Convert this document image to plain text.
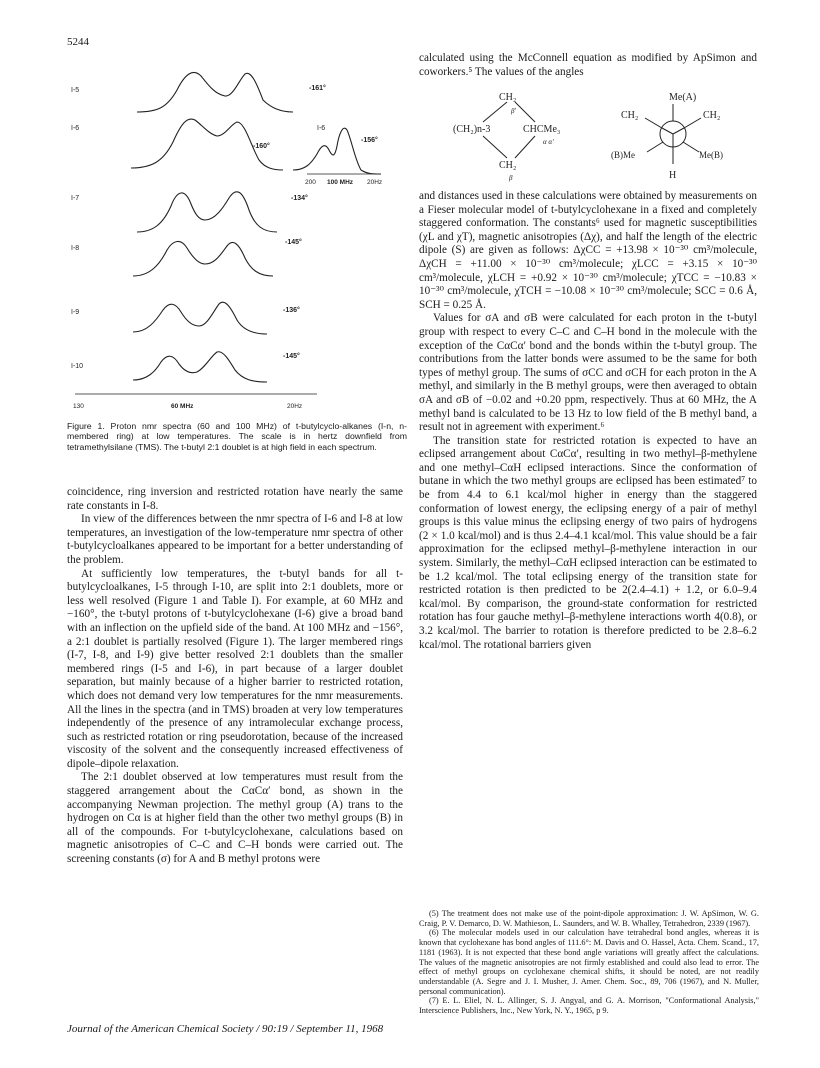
5244
I-5
I-6
I-7
I-8
I-9
I-10
I-6
-161°
-160°
-156°
-134°
-145°
-136°
-145°
200 100 MHz 20Hz
130	60 MHz	20Hz
Figure 1. Proton nmr spectra (60 and 100 MHz) of t-butylcyclo-alkanes (I-n, n-membered ring) at low temperatures. The scale is in hertz downfield from tetramethylsilane (TMS). The t-butyl 2:1 doublet is at high field in each spectrum.

coincidence, ring inversion and restricted rotation have nearly the same rate constants in I-8.

In view of the differences between the nmr spectra of I-6 and I-8 at low temperatures, an investigation of the low-temperature nmr spectra of other t-butylcycloalkanes appeared to be important for a better understanding of the problem.

At sufficiently low temperatures, the t-butyl bands for all t-butylcycloalkanes, I-5 through I-10, are split into 2:1 doublets, more or less well resolved (Figure 1 and Table I). For example, at 60 MHz and −160°, the t-butyl protons of t-butylcyclohexane (I-6) give a broad band with an inflection on the upfield side of the band. At 100 MHz and −156°, a 2:1 doublet is partially resolved (Figure 1). The larger membered rings (I-7, I-8, and I-9) give better resolved 2:1 doublets than the smaller membered rings (I-5 and I-6), in part because of a larger doublet separation, but mainly because of a higher barrier to restricted rotation, which does not demand very low temperatures for the nmr measurements. All the lines in the spectra (and in TMS) broaden at very low temperatures independently of the presence of any intramolecular exchange process, such as restricted rotation or ring pseudorotation, because of the increased viscosity of the solvent and the consequently increased effectiveness of dipole–dipole relaxation.

The 2:1 doublet observed at low temperatures must result from the staggered arrangement about the CαCα′ bond, as shown in the accompanying Newman projection. The methyl group (A) trans to the hydrogen on Cα is at higher field than the other two methyl groups (B) in all of the compounds. For t-butylcyclohexane, calculations based on magnetic anisotropies of C–C and C–H bonds were carried out. The screening constants (σ) for A and B methyl protons were

calculated using the McConnell equation as modified by ApSimon and coworkers.⁵ The values of the angles

CH₂
β′
(CH₂)n-3	CHCMe₃
α α′
CH₂
β
Me(A)
CH₂	CH₂
(B)Me	Me(B)
H

and distances used in these calculations were obtained by measurements on a Fieser molecular model of t-butylcyclohexane in a fixed and completely staggered conformation. The constants⁶ used for magnetic susceptibilities (χL and χT), magnetic anisotropies (Δχ), and half the length of the electric dipole (S) are given as follows: ΔχCC = +13.98 × 10⁻³⁰ cm³/molecule, ΔχCH = +11.00 × 10⁻³⁰ cm³/molecule; χLCC = +3.15 × 10⁻³⁰ cm³/molecule, χLCH = +0.92 × 10⁻³⁰ cm³/molecule; χTCC = −10.83 × 10⁻³⁰ cm³/molecule, χTCH = −10.08 × 10⁻³⁰ cm³/molecule; SCC = 0.6 Å, SCH = 0.25 Å.

Values for σA and σB were calculated for each proton in the t-butyl group with respect to every C–C and C–H bond in the molecule with the exception of the CαCα′ bond and the bonds within the t-butyl group. The contributions from the latter bonds were assumed to be the same for both types of methyl group. The sums of σCC and σCH for each proton in the A methyl, and similarly in the B methyl groups, were then averaged to obtain σA and σB of −0.02 and +0.20 ppm, respectively. Thus at 60 MHz, the A methyl band is calculated to be 13 Hz to low field of the B methyl band, a result not in agreement with experiment.⁶

The transition state for restricted rotation is expected to have an eclipsed arrangement about CαCα′, resulting in two methyl–β-methylene and one methyl–CαH eclipsed interactions. Since the conformation of butane in which the two methyl groups are eclipsed has been estimated⁷ to be from 4.4 to 6.1 kcal/mol higher in energy than the staggered conformation of lowest energy, the eclipsing energy of a pair of methyl groups is this value minus the eclipsing energy of two pairs of hydrogens (2 × 1.0 kcal/mol) and is thus 2.4–4.1 kcal/mol. This value should be a fair approximation for the eclipsed methyl–β-methylene interaction in our system. Similarly, the methyl–CαH eclipsed interaction can be estimated to be 1.2 kcal/mol. The total eclipsing energy of the transition state for restricted rotation is then predicted to be 2(2.4–4.1) + 1.2, or 6.0–9.4 kcal/mol. By comparison, the ground-state conformation for restricted rotation has four gauche methyl–β-methylene interactions worth 4(0.8), or 3.2 kcal/mol. The barrier to rotation is therefore predicted to be 2.8–6.2 kcal/mol. The rotational barriers given

(5) The treatment does not make use of the point-dipole approximation: J. W. ApSimon, W. G. Craig, P. V. Demarco, D. W. Mathieson, L. Saunders, and W. B. Whalley, Tetrahedron, 2339 (1967).

(6) The molecular models used in our calculation have tetrahedral bond angles, whereas it is known that cyclohexane has bond angles of 111.6°: M. Davis and O. Hassel, Acta. Chem. Scand., 17, 1181 (1963). It is not expected that these bond angle variations will greatly affect the calculations. The values of the magnetic anisotropies are not firmly established and could also lead to error. The effect of methyl groups on cyclohexane chemical shifts, it should be noted, are not readily understandable (A. Segre and J. I. Musher, J. Amer. Chem. Soc., 89, 706 (1967), and N. Muller, personal communication).

(7) E. L. Eliel, N. L. Allinger, S. J. Angyal, and G. A. Morrison, "Conformational Analysis," Interscience Publishers, Inc., New York, N. Y., 1965, p 9.

Journal of the American Chemical Society / 90:19 / September 11, 1968
